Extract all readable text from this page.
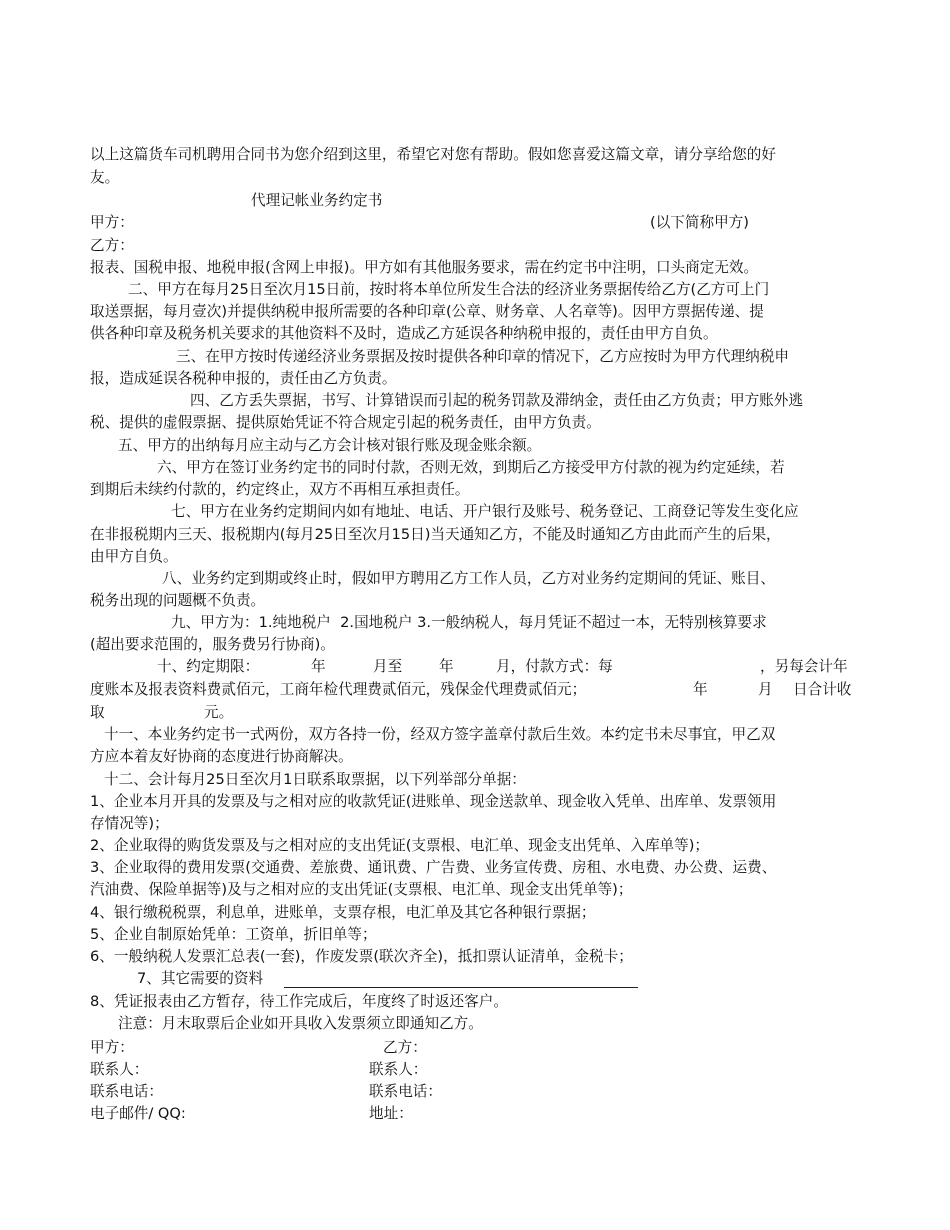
以上这篇货车司机聘用合同书为您介绍到这里，希望它对您有帮助。假如您喜爱这篇文章，请分享给您的好
友。
代理记帐业务约定书
甲方：	(以下简称甲方)
乙方：
报表、国税申报、地税申报(含网上申报)。甲方如有其他服务要求，需在约定书中注明，口头商定无效。
二、甲方在每月25日至次月15日前，按时将本单位所发生合法的经济业务票据传给乙方(乙方可上门
取送票据，每月壹次)并提供纳税申报所需要的各种印章(公章、财务章、人名章等)。因甲方票据传递、提
供各种印章及税务机关要求的其他资料不及时，造成乙方延误各种纳税申报的，责任由甲方自负。
三、在甲方按时传递经济业务票据及按时提供各种印章的情况下，乙方应按时为甲方代理纳税申
报，造成延误各税种申报的，责任由乙方负责。
四、乙方丢失票据，书写、计算错误而引起的税务罚款及滞纳金，责任由乙方负责；甲方账外逃
税、提供的虚假票据、提供原始凭证不符合规定引起的税务责任，由甲方负责。
五、甲方的出纳每月应主动与乙方会计核对银行账及现金账余额。
六、甲方在签订业务约定书的同时付款，否则无效，到期后乙方接受甲方付款的视为约定延续，若
到期后未续约付款的，约定终止，双方不再相互承担责任。
七、甲方在业务约定期间内如有地址、电话、开户银行及账号、税务登记、工商登记等发生变化应
在非报税期内三天、报税期内(每月25日至次月15日)当天通知乙方，不能及时通知乙方由此而产生的后果，
由甲方自负。
八、业务约定到期或终止时，假如甲方聘用乙方工作人员，乙方对业务约定期间的凭证、账目、
税务出现的问题概不负责。
九、甲方为：1.纯地税户  2.国地税户 3.一般纳税人，每月凭证不超过一本，无特别核算要求
(超出要求范围的，服务费另行协商)。
十、约定期限：	年	月至	年	月，付款方式：每	，另每会计年
度账本及报表资料费贰佰元，工商年检代理费贰佰元，残保金代理费贰佰元；	年	月 日合计收
取	元。
十一、本业务约定书一式两份，双方各持一份，经双方签字盖章付款后生效。本约定书未尽事宜，甲乙双
方应本着友好协商的态度进行协商解决。
十二、会计每月25日至次月1日联系取票据，以下列举部分单据：
1、企业本月开具的发票及与之相对应的收款凭证(进账单、现金送款单、现金收入凭单、出库单、发票领用
存情况等)；
2、企业取得的购货发票及与之相对应的支出凭证(支票根、电汇单、现金支出凭单、入库单等)；
3、企业取得的费用发票(交通费、差旅费、通讯费、广告费、业务宣传费、房租、水电费、办公费、运费、
汽油费、保险单据等)及与之相对应的支出凭证(支票根、电汇单、现金支出凭单等)；
4、银行缴税税票，利息单，进账单，支票存根，电汇单及其它各种银行票据；
5、企业自制原始凭单：工资单，折旧单等；
6、一般纳税人发票汇总表(一套)，作废发票(联次齐全)，抵扣票认证清单，金税卡；
7、其它需要的资料
8、凭证报表由乙方暂存，待工作完成后，年度终了时返还客户。
注意：月末取票后企业如开具收入发票须立即通知乙方。
甲方：	乙方：
联系人：	联系人：
联系电话：	联系电话：
电子邮件/ QQ:	地址：
